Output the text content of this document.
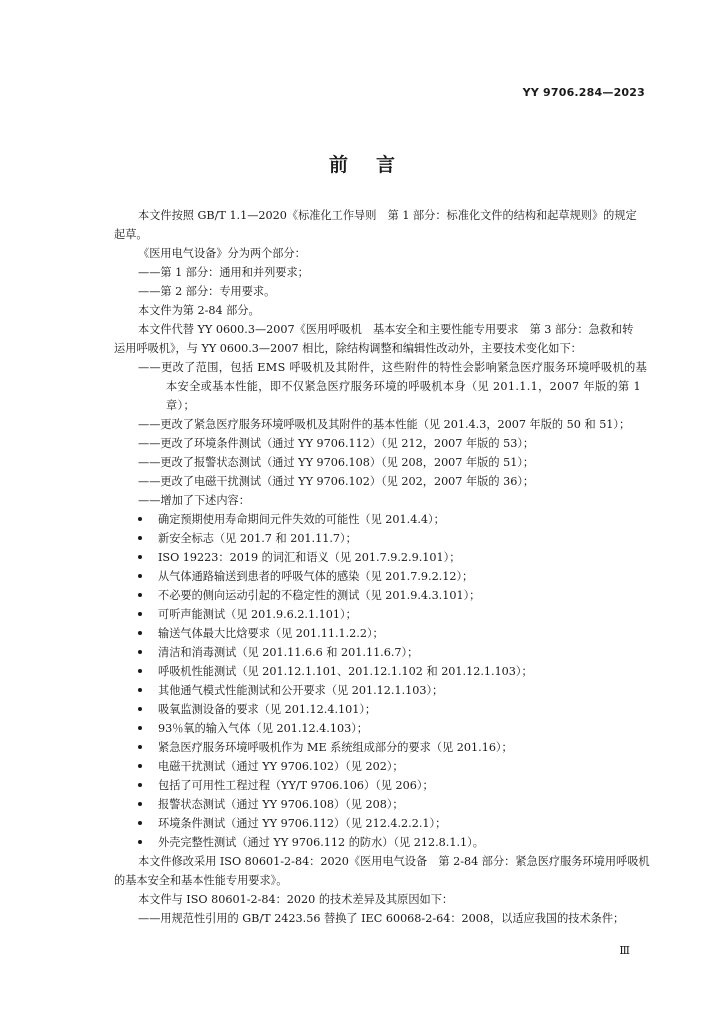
YY 9706.284—2023
前言
本文件按照 GB/T 1.1—2020《标准化工作导则　第 1 部分：标准化文件的结构和起草规则》的规定
起草。
《医用电气设备》分为两个部分：
——第 1 部分：通用和并列要求；
——第 2 部分：专用要求。
本文件为第 2-84 部分。
本文件代替 YY 0600.3—2007《医用呼吸机　基本安全和主要性能专用要求　第 3 部分：急救和转
运用呼吸机》，与 YY 0600.3—2007 相比，除结构调整和编辑性改动外，主要技术变化如下：
——更改了范围，包括 EMS 呼吸机及其附件，这些附件的特性会影响紧急医疗服务环境呼吸机的基本安全或基本性能，即不仅紧急医疗服务环境的呼吸机本身（见 201.1.1，2007 年版的第 1 章）；
——更改了紧急医疗服务环境呼吸机及其附件的基本性能（见 201.4.3，2007 年版的 50 和 51）；
——更改了环境条件测试（通过 YY 9706.112）（见 212，2007 年版的 53）；
——更改了报警状态测试（通过 YY 9706.108）（见 208，2007 年版的 51）；
——更改了电磁干扰测试（通过 YY 9706.102）（见 202，2007 年版的 36）；
——增加了下述内容：
确定预期使用寿命期间元件失效的可能性（见 201.4.4）；
新安全标志（见 201.7 和 201.11.7）；
ISO 19223：2019 的词汇和语义（见 201.7.9.2.9.101）；
从气体通路输送到患者的呼吸气体的感染（见 201.7.9.2.12）；
不必要的侧向运动引起的不稳定性的测试（见 201.9.4.3.101）；
可听声能测试（见 201.9.6.2.1.101）；
输送气体最大比焓要求（见 201.11.1.2.2）；
清洁和消毒测试（见 201.11.6.6 和 201.11.6.7）；
呼吸机性能测试（见 201.12.1.101、201.12.1.102 和 201.12.1.103）；
其他通气模式性能测试和公开要求（见 201.12.1.103）；
吸氧监测设备的要求（见 201.12.4.101）；
93％氧的输入气体（见 201.12.4.103）；
紧急医疗服务环境呼吸机作为 ME 系统组成部分的要求（见 201.16）；
电磁干扰测试（通过 YY 9706.102）（见 202）；
包括了可用性工程过程（YY/T 9706.106）（见 206）；
报警状态测试（通过 YY 9706.108）（见 208）；
环境条件测试（通过 YY 9706.112）（见 212.4.2.2.1）；
外壳完整性测试（通过 YY 9706.112 的防水）（见 212.8.1.1）。
本文件修改采用 ISO 80601-2-84：2020《医用电气设备　第 2-84 部分：紧急医疗服务环境用呼吸机
的基本安全和基本性能专用要求》。
本文件与 ISO 80601-2-84：2020 的技术差异及其原因如下：
——用规范性引用的 GB/T 2423.56 替换了 IEC 60068-2-64：2008，以适应我国的技术条件；
Ⅲ
